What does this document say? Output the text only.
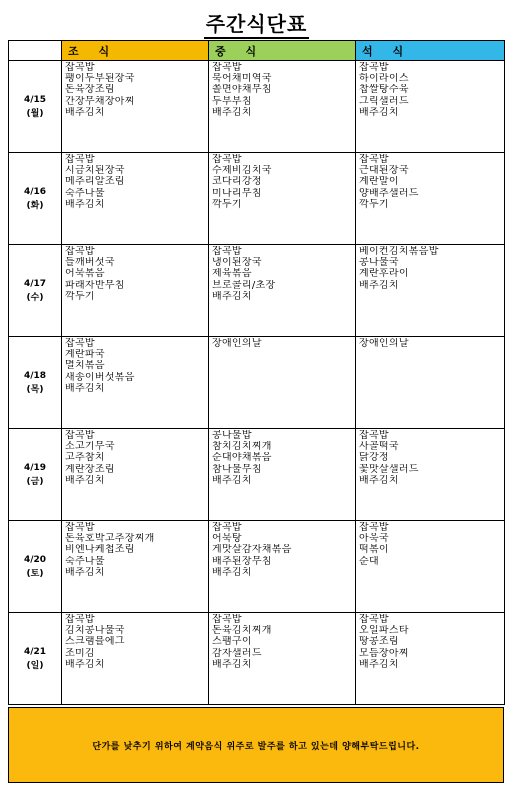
주간식단표
	조 식	중 식	석 식

4/15
(월)	잡곡밥
팽이두부된장국
돈육장조림
간장무채장아찌
배추김치	잡곡밥
북어채미역국
쫄면야채무침
두부부침
배추김치	잡곡밥
하이라이스
찹쌀탕수육
그릭샐러드
배추김치

4/16
(화)	잡곡밥
시금치된장국
메추리알조림
숙주나물
배추김치	잡곡밥
수제비김치국
코다리강정
미나리무침
깍두기	잡곡밥
근대된장국
계란말이
양배추샐러드
깍두기

4/17
(수)	잡곡밥
들깨버섯국
어묵볶음
파래자반무침
깍두기	잡곡밥
냉이된장국
제육볶음
브로콜리/초장
배추김치	베이컨김치볶음밥
콩나물국
계란후라이
배추김치

4/18
(목)	잡곡밥
계란파국
멸치볶음
새송이버섯볶음
배추김치	장애인의날	장애인의날

4/19
(금)	잡곡밥
소고기무국
고추참치
계란장조림
배추김치	콩나물밥
참치김치찌개
순대야채볶음
참나물무침
배추김치	잡곡밥
사골떡국
닭강정
꽃맛살샐러드
배추김치

4/20
(토)	잡곡밥
돈육호박고추장찌개
비엔나케첩조림
숙주나물
배추김치	잡곡밥
어묵탕
게맛살감자채볶음
배추된장무침
배추김치	잡곡밥
아욱국
떡볶이
순대

4/21
(일)	잡곡밥
김치콩나물국
스크램블에그
조미김
배추김치	잡곡밥
돈육김치찌개
스팸구이
감자샐러드
배추김치	잡곡밥
오일파스타
땅콩조림
모듬장아찌
배추김치
단가를 낮추기 위하여 계약음식 위주로 발주를 하고 있는데 양해부탁드립니다.
